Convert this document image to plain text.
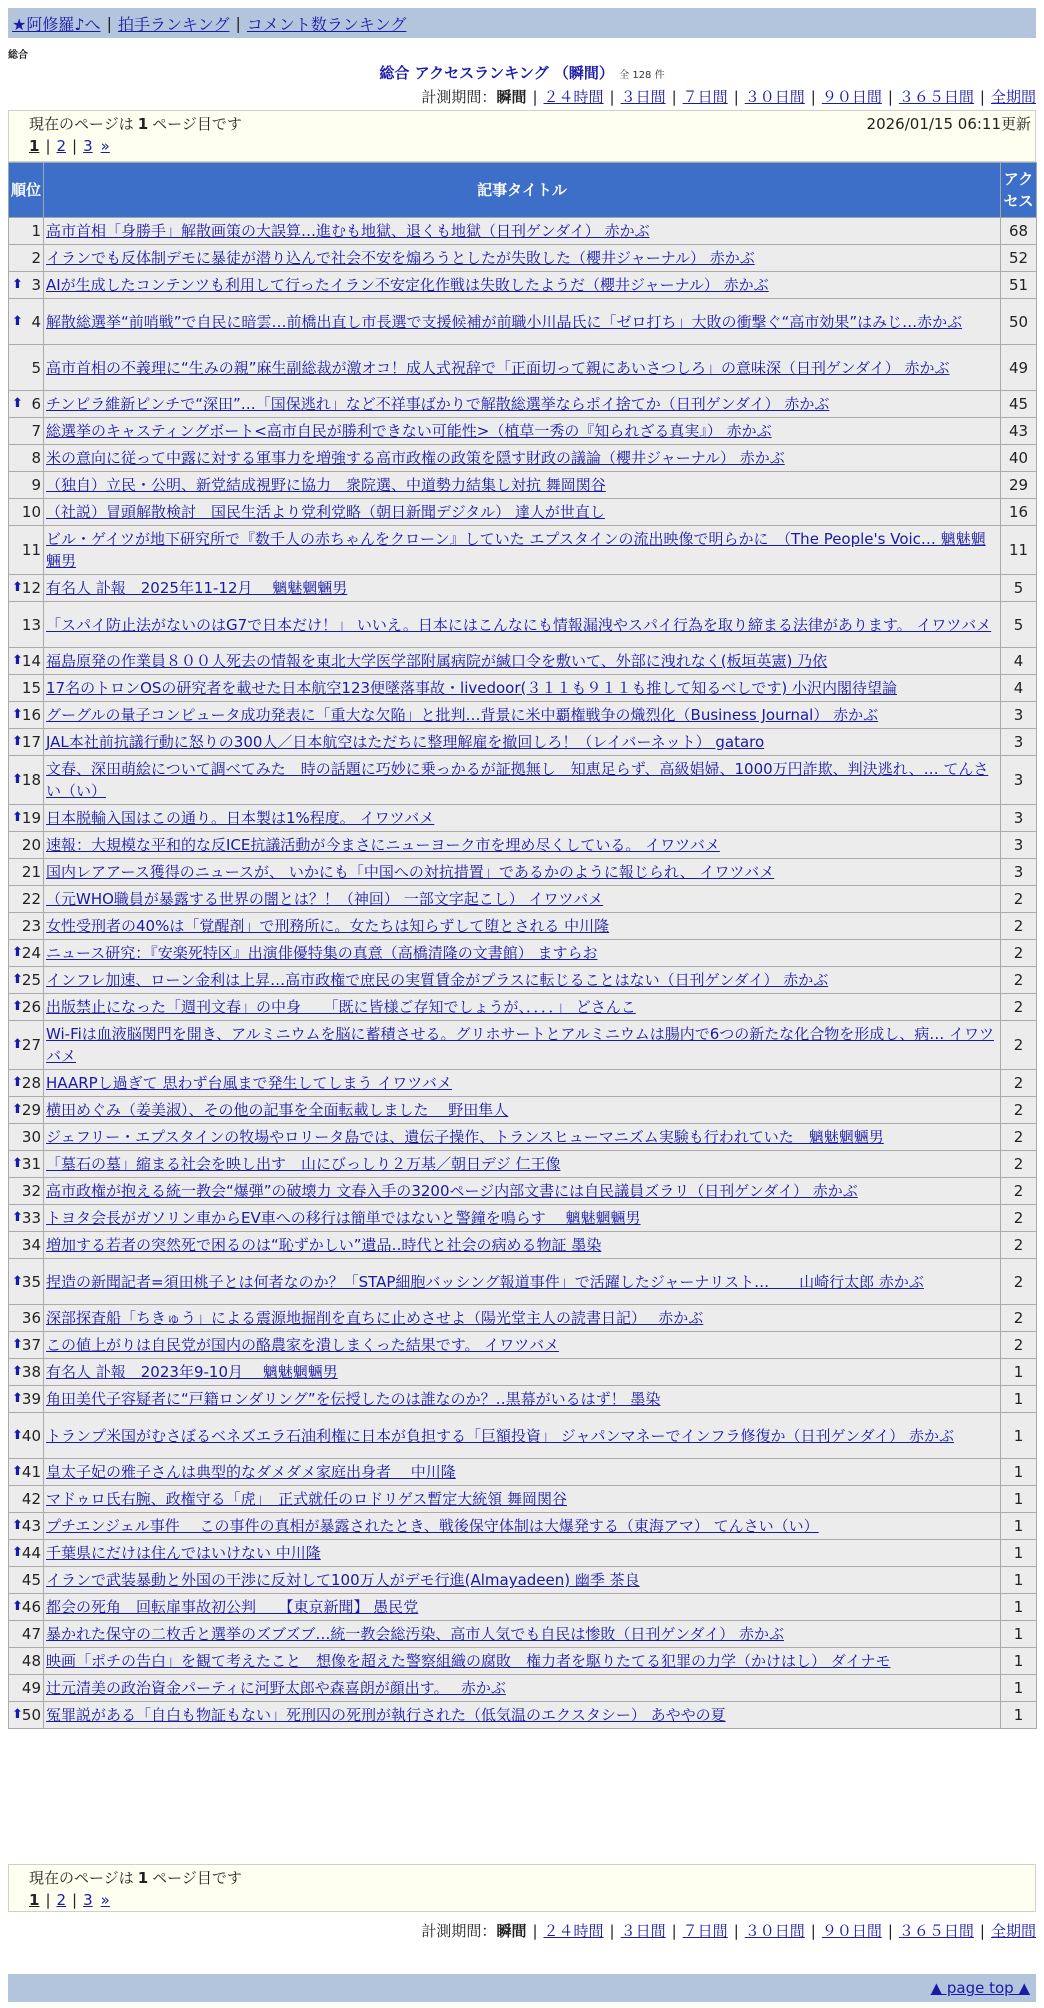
★阿修羅♪へ | 拍手ランキング | コメント数ランキング
総合
総合 アクセスランキング （瞬間） 全 128 件
計測期間：瞬間 | ２４時間 | ３日間 | ７日間 | ３０日間 | ９０日間 | ３６５日間 | 全期間
現在のページは 1 ページ目です	2026/01/15 06:11更新
1 | 2 | 3 »
順位	記事タイトル	アクセス
1	高市首相「身勝手」解散画策の大誤算…進むも地獄、退くも地獄（日刊ゲンダイ） 赤かぶ	68
2	イランでも反体制デモに暴徒が潜り込んで社会不安を煽ろうとしたが失敗した（櫻井ジャーナル） 赤かぶ	52

⬆ 3	AIが生成したコンテンツも利用して行ったイラン不安定化作戦は失敗したようだ（櫻井ジャーナル） 赤かぶ	51

⬆ 4	解散総選挙“前哨戦”で自民に暗雲…前橋出直し市長選で支援候補が前職小川晶氏に「ゼロ打ち」大敗の衝撃ぐ“高市効果”はみじ…赤かぶ	50
5	高市首相の不義理に“生みの親”麻生副総裁が激オコ！成人式祝辞で「正面切って親にあいさつしろ」の意味深（日刊ゲンダイ） 赤かぶ	49

⬆ 6	チンピラ維新ピンチで“深田”…「国保逃れ」など不祥事ばかりで解散総選挙ならポイ捨てか（日刊ゲンダイ） 赤かぶ	45
7	総選挙のキャスティングボート<高市自民が勝利できない可能性>（植草一秀の『知られざる真実』） 赤かぶ	43
8	米の意向に従って中露に対する軍事力を増強する高市政権の政策を隠す財政の議論（櫻井ジャーナル） 赤かぶ	40
9	（独自）立民・公明、新党結成視野に協力　衆院選、中道勢力結集し対抗 舞岡関谷	29
10	（社説）冒頭解散検討　国民生活より党利党略（朝日新聞デジタル） 達人が世直し	16
11	ビル・ゲイツが地下研究所で『数千人の赤ちゃんをクローン』していた エプスタインの流出映像で明らかに　（The People's Voic… 魑魅魍魎男	11

⬆ 12	有名人 訃報　2025年11-12月　 魑魅魍魎男	5
13	「スパイ防止法がないのはG7で日本だけ！」 いいえ。日本にはこんなにも情報漏洩やスパイ行為を取り締まる法律があります。 イワツバメ	5

⬆ 14	福島原発の作業員８００人死去の情報を東北大学医学部附属病院が緘口令を敷いて、外部に洩れなく(板垣英憲) 乃依	4
15	17名のトロンOSの研究者を載せた日本航空123便墜落事故・livedoor(３１１も９１１も推して知るべしです) 小沢内閣待望論	4

⬆ 16	グーグルの量子コンピュータ成功発表に「重大な欠陥」と批判…背景に米中覇権戦争の熾烈化（Business Journal） 赤かぶ	3

⬆ 17	JAL本社前抗議行動に怒りの300人／日本航空はただちに整理解雇を撤回しろ！（レイバーネット） gataro	3

⬆ 18	文春、深田萌絵について調べてみた　時の話題に巧妙に乗っかるが証拠無し　知恵足らず、高級娼婦、1000万円詐欺、判決逃れ、… てんさい（い）	3

⬆ 19	日本脱輸入国はこの通り。日本製は1%程度。 イワツバメ	3
20	速報：大規模な平和的な反ICE抗議活動が今まさにニューヨーク市を埋め尽くしている。 イワツバメ	3
21	国内レアアース獲得のニュースが、 いかにも「中国への対抗措置」であるかのように報じられ、 イワツバメ	3
22	（元WHO職員が暴露する世界の闇とは？！（神回） 一部文字起こし） イワツバメ	2
23	女性受刑者の40%は「覚醒剤」で刑務所に。女たちは知らずして堕とされる 中川隆	2

⬆ 24	ニュース研究：『安楽死特区』出演俳優特集の真意（高橋清隆の文書館） ますらお	2

⬆ 25	インフレ加速、ローン金利は上昇…高市政権で庶民の実質賃金がプラスに転じることはない（日刊ゲンダイ） 赤かぶ	2

⬆ 26	出版禁止になった「週刊文春」の中身　　「既に皆様ご存知でしょうが、．．．．」 どさんこ	2

⬆ 27	Wi-Fiは血液脳関門を開き、アルミニウムを脳に蓄積させる。グリホサートとアルミニウムは腸内で6つの新たな化合物を形成し、病… イワツバメ	2

⬆ 28	HAARPし過ぎて 思わず台風まで発生してしまう イワツバメ	2

⬆ 29	横田めぐみ（姜美淑）、その他の記事を全面転載しました　 野田隼人	2
30	ジェフリー・エプスタインの牧場やロリータ島では、遺伝子操作、トランスヒューマニズム実験も行われていた　魑魅魍魎男	2

⬆ 31	「墓石の墓」縮まる社会を映し出す　山にびっしり２万基／朝日デジ 仁王像	2
32	高市政権が抱える統一教会“爆弾”の破壊力 文春入手の3200ページ内部文書には自民議員ズラリ（日刊ゲンダイ） 赤かぶ	2

⬆ 33	トヨタ会長がガソリン車からEV車への移行は簡単ではないと警鐘を鳴らす　 魑魅魍魎男	2
34	増加する若者の突然死で困るのは“恥ずかしい”遺品‥時代と社会の病める物証 墨染	2

⬆ 35	捏造の新聞記者=須田桃子とは何者なのか？「STAP細胞バッシング報道事件」で活躍したジャーナリスト…　　山崎行太郎 赤かぶ	2
36	深部探査船「ちきゅう」による震源地掘削を直ちに止めさせよ（陽光堂主人の読書日記）　 赤かぶ	2

⬆ 37	この値上がりは自民党が国内の酪農家を潰しまくった結果です。 イワツバメ	2

⬆ 38	有名人 訃報　2023年9-10月　 魑魅魍魎男	1

⬆ 39	角田美代子容疑者に“戸籍ロンダリング”を伝授したのは誰なのか？‥黒幕がいるはず！ 墨染	1

⬆ 40	トランプ米国がむさぼるベネズエラ石油利権に日本が負担する「巨額投資」 ジャパンマネーでインフラ修復か（日刊ゲンダイ） 赤かぶ	1

⬆ 41	皇太子妃の雅子さんは典型的なダメダメ家庭出身者　 中川隆	1
42	マドゥロ氏右腕、政権守る「虎」　正式就任のロドリゲス暫定大統領 舞岡関谷	1

⬆ 43	プチエンジェル事件　 この事件の真相が暴露されたとき、戦後保守体制は大爆発する（東海アマ） てんさい（い）	1

⬆ 44	千葉県にだけは住んではいけない 中川隆	1
45	イランで武装暴動と外国の干渉に反対して100万人がデモ行進(Almayadeen) 幽季 茶良	1

⬆ 46	都会の死角　回転扉事故初公判　　【東京新聞】 愚民党	1
47	暴かれた保守の二枚舌と選挙のズブズブ…統一教会総汚染、高市人気でも自民は惨敗（日刊ゲンダイ） 赤かぶ	1
48	映画「ポチの告白」を観て考えたこと　想像を超えた警察組織の腐敗　権力者を駆りたてる犯罪の力学（かけはし） ダイナモ	1
49	辻元清美の政治資金パーティに河野太郎や森喜朗が顔出す。　 赤かぶ	1

⬆ 50	冤罪説がある「自白も物証もない」死刑囚の死刑が執行された（低気温のエクスタシー） あややの夏	1
現在のページは 1 ページ目です
1 | 2 | 3 »
計測期間：瞬間 | ２４時間 | ３日間 | ７日間 | ３０日間 | ９０日間 | ３６５日間 | 全期間
▲ page top ▲
